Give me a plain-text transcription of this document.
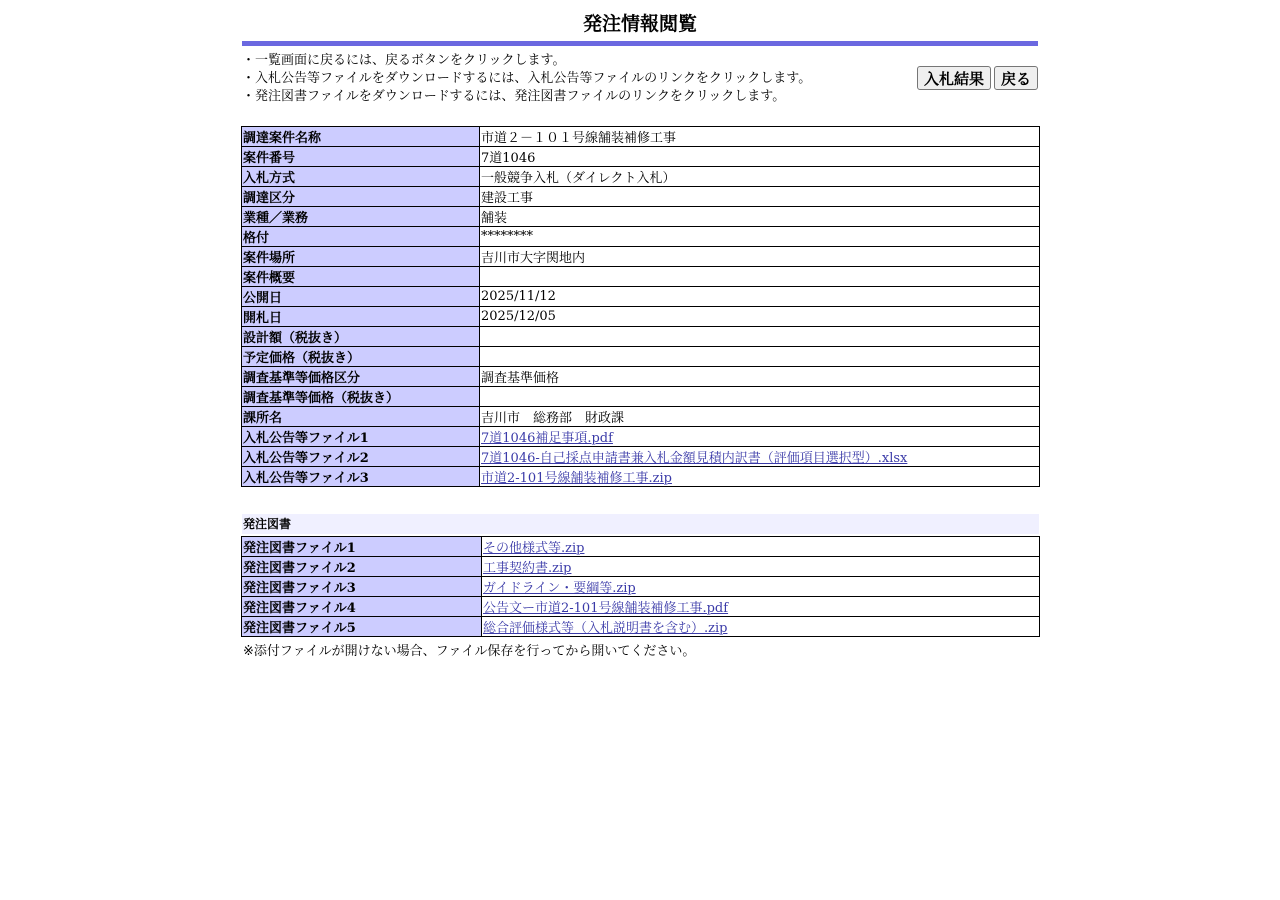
発注情報閲覧
・一覧画面に戻るには、戻るボタンをクリックします。
・入札公告等ファイルをダウンロードするには、入札公告等ファイルのリンクをクリックします。
・発注図書ファイルをダウンロードするには、発注図書ファイルのリンクをクリックします。
入札結果	戻る
調達案件名称	市道２－１０１号線舗装補修工事
案件番号	7道1046
入札方式	一般競争入札（ダイレクト入札）
調達区分	建設工事
業種／業務	舗装
格付	********
案件場所	吉川市大字関地内
案件概要	
公開日	2025/11/12
開札日	2025/12/05
設計額（税抜き）	
予定価格（税抜き）	
調査基準等価格区分	調査基準価格
調査基準等価格（税抜き）	
課所名	吉川市　総務部　財政課
入札公告等ファイル1	7道1046補足事項.pdf
入札公告等ファイル2	7道1046-自己採点申請書兼入札金額見積内訳書（評価項目選択型）.xlsx
入札公告等ファイル3	市道2-101号線舗装補修工事.zip
発注図書
発注図書ファイル1	その他様式等.zip
発注図書ファイル2	工事契約書.zip
発注図書ファイル3	ガイドライン・要綱等.zip
発注図書ファイル4	公告文ー市道2-101号線舗装補修工事.pdf
発注図書ファイル5	総合評価様式等（入札説明書を含む）.zip
※添付ファイルが開けない場合、ファイル保存を行ってから開いてください。
